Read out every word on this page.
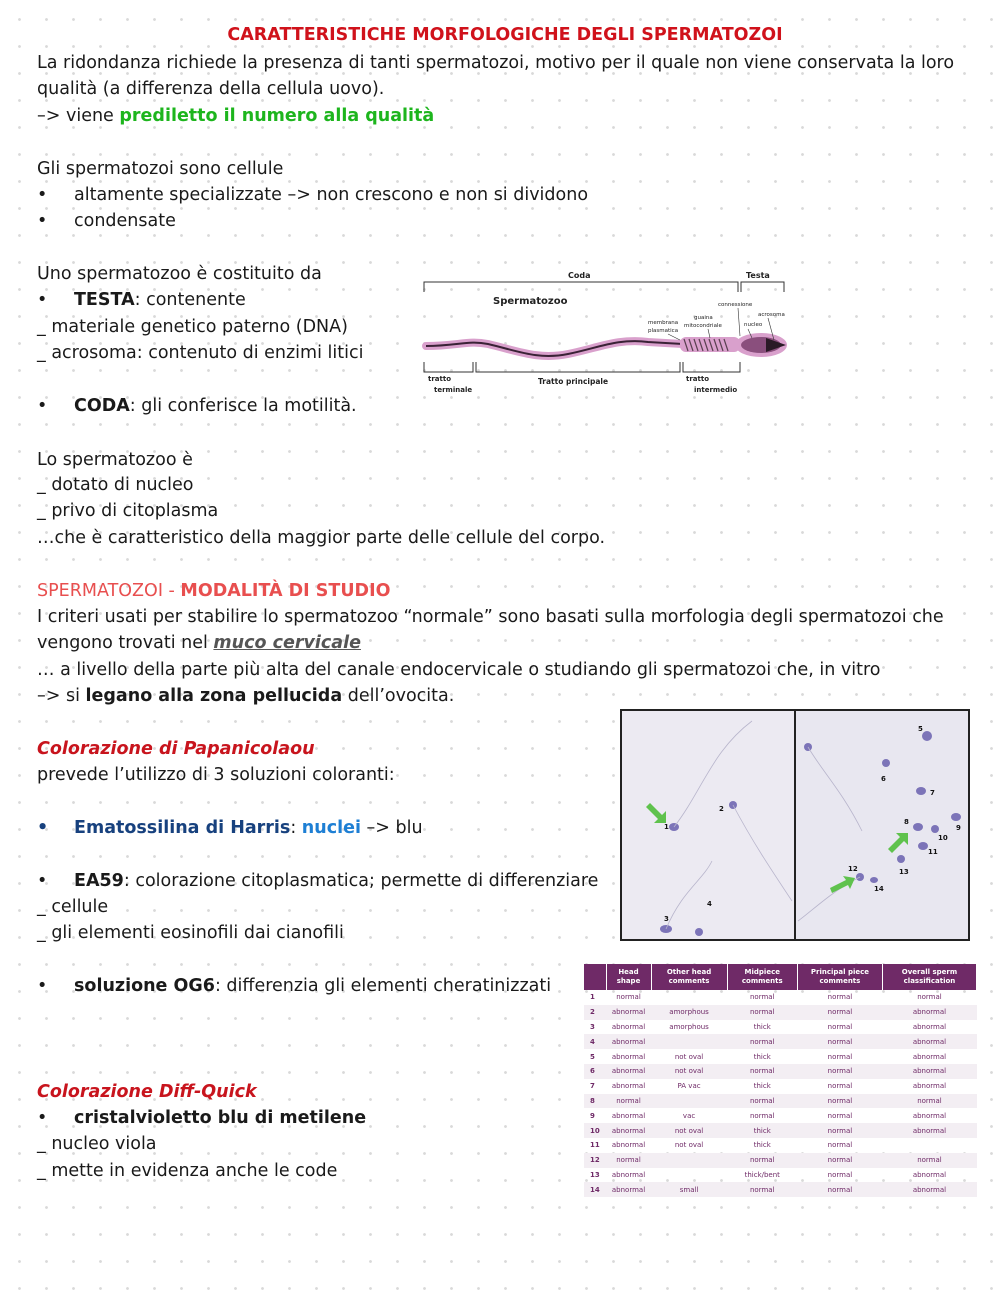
CARATTERISTICHE MORFOLOGICHE DEGLI SPERMATOZOI
La ridondanza richiede la presenza di tanti spermatozoi, motivo per il quale non viene conservata la loro
qualità (a differenza della cellula uovo).
–> viene prediletto il numero alla qualità
Gli spermatozoi sono cellule
• altamente specializzate –> non crescono e non si dividono
• condensate
Uno spermatozoo è costituito da
• TESTA: contenente
_ materiale genetico paterno (DNA)
_ acrosoma: contenuto di enzimi litici
• CODA: gli conferisce la motilità.
Coda	Testa
Spermatozoo	connessione
guaina
mitocondriale
membrana
plasmatica
acrosoma
nucleo
tratto
terminale
Tratto principale	tratto
intermedio
Lo spermatozoo è
_ dotato di nucleo
_ privo di citoplasma
…che è caratteristico della maggior parte delle cellule del corpo.
SPERMATOZOI - MODALITÀ DI STUDIO
I criteri usati per stabilire lo spermatozoo “normale” sono basati sulla morfologia degli spermatozoi che
vengono trovati nel muco cervicale
… a livello della parte più alta del canale endocervicale o studiando gli spermatozoi che, in vitro
–> si legano alla zona pellucida dell’ovocita.
Colorazione di Papanicolaou
prevede l’utilizzo di 3 soluzioni coloranti:
• Ematossilina di Harris: nuclei –> blu
• EA59: colorazione citoplasmatica; permette di differenziare
_ cellule
_ gli elementi eosinofili dai cianofili
• soluzione OG6: differenzia gli elementi cheratinizzati
Colorazione Diff-Quick
• cristalvioletto blu di metilene
_ nucleo viola
_ mette in evidenza anche le code
1
2
3
4
5
6
7
8
9
10
11
12	13
14
	Head shape	Other head comments	Midpiece comments	Principal piece comments	Overall sperm classification
1	normal		normal	normal	normal
2	abnormal	amorphous	normal	normal	abnormal
3	abnormal	amorphous	thick	normal	abnormal
4	abnormal		normal	normal	abnormal
5	abnormal	not oval	thick	normal	abnormal
6	abnormal	not oval	normal	normal	abnormal
7	abnormal	PA vac	thick	normal	abnormal
8	normal		normal	normal	normal
9	abnormal	vac	normal	normal	abnormal
10	abnormal	not oval	thick	normal	abnormal
11	abnormal	not oval	thick	normal	
12	normal		normal	normal	normal
13	abnormal		thick/bent	normal	abnormal
14	abnormal	small	normal	normal	abnormal
